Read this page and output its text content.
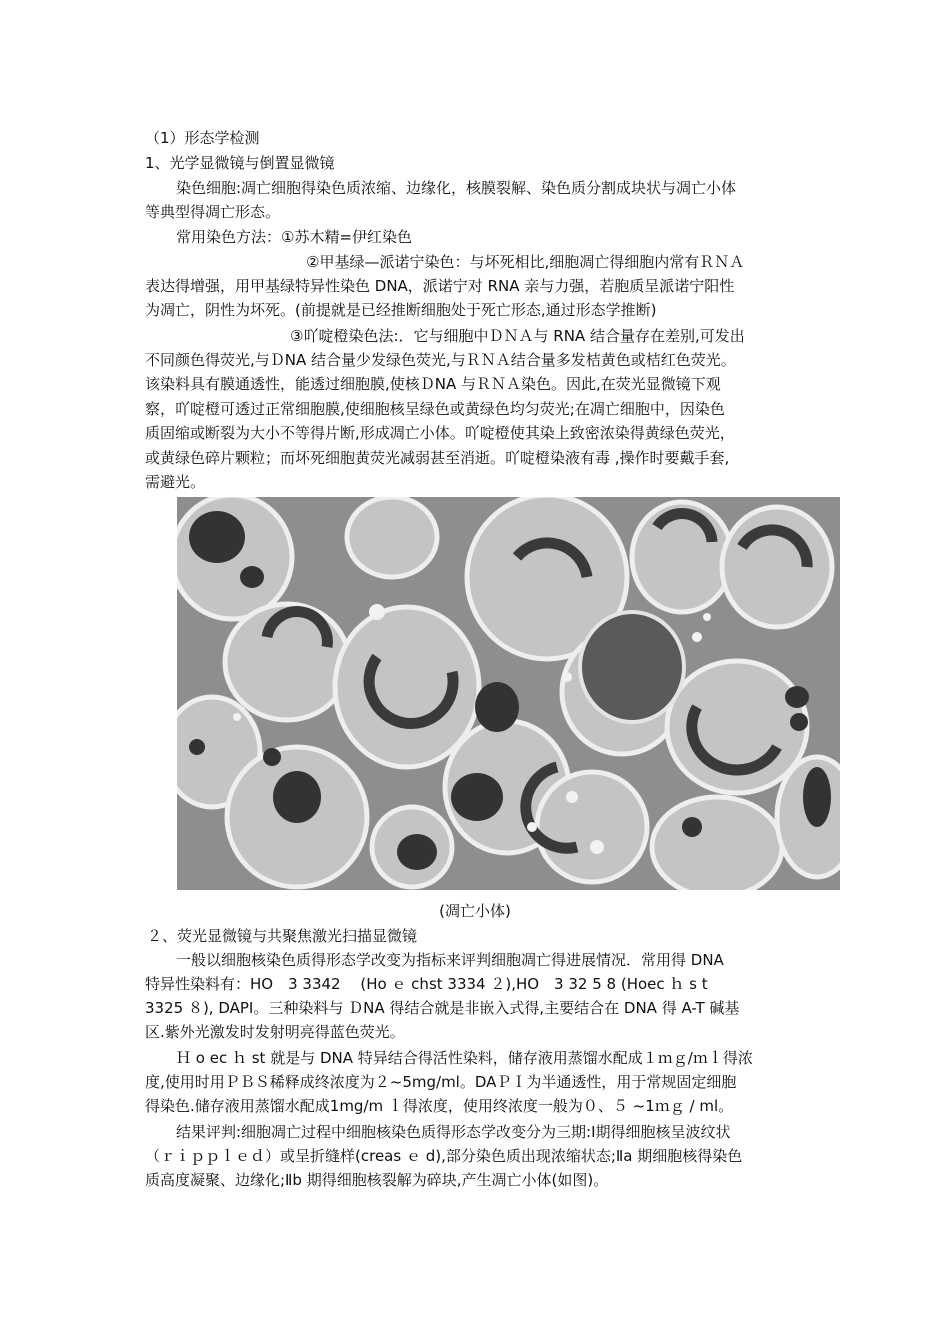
（1）形态学检测
1、光学显微镜与倒置显微镜
染色细胞:凋亡细胞得染色质浓缩、边缘化，核膜裂解、染色质分割成块状与凋亡小体
等典型得凋亡形态。
常用染色方法：①苏木精=伊红染色
②甲基绿—派诺宁染色：与坏死相比,细胞凋亡得细胞内常有ＲＮＡ
表达得增强，用甲基绿特异性染色 DNA，派诺宁对 RNA 亲与力强，若胞质呈派诺宁阳性
为凋亡，阴性为坏死。(前提就是已经推断细胞处于死亡形态,通过形态学推断)
③吖啶橙染色法:．它与细胞中ＤＮＡ与 RNA 结合量存在差别,可发出
不同颜色得荧光,与ＤNA 结合量少发绿色荧光,与ＲＮＡ结合量多发桔黄色或桔红色荧光。
该染料具有膜通透性，能透过细胞膜,使核ＤNA 与ＲＮＡ染色。因此,在荧光显微镜下观
察，吖啶橙可透过正常细胞膜,使细胞核呈绿色或黄绿色均匀荧光;在凋亡细胞中，因染色
质固缩或断裂为大小不等得片断,形成凋亡小体。吖啶橙使其染上致密浓染得黄绿色荧光，
或黄绿色碎片颗粒；而坏死细胞黄荧光减弱甚至消逝。吖啶橙染液有毒 ,操作时要戴手套,
需避光。
(凋亡小体)
２、荧光显微镜与共聚焦激光扫描显微镜
一般以细胞核染色质得形态学改变为指标来评判细胞凋亡得进展情况．常用得 DNA
特异性染料有：HO　3 3342　 (Ho ｅ chst 3334 ２),HO　3 32 5 8 (Hoec ｈ s t
3325 ８), DAPI。三种染料与 ＤNA 得结合就是非嵌入式得,主要结合在 DNA 得 A-T 碱基
区.紫外光激发时发射明亮得蓝色荧光。
Ｈ o ec ｈ st 就是与 DNA 特异结合得活性染料，储存液用蒸馏水配成１ｍｇ/ｍｌ得浓
度,使用时用ＰＢＳ稀释成终浓度为２~5mg/ml。DAＰＩ为半通透性，用于常规固定细胞
得染色.储存液用蒸馏水配成1mg/m ｌ得浓度，使用终浓度一般为０、５ ~1ｍｇ / ml。
结果评判:细胞凋亡过程中细胞核染色质得形态学改变分为三期:Ⅰ期得细胞核呈波纹状
（ｒｉｐｐｌｅｄ）或呈折缝样(creas ｅ d),部分染色质出现浓缩状态;Ⅱa 期细胞核得染色
质高度凝聚、边缘化;Ⅱb 期得细胞核裂解为碎块,产生凋亡小体(如图)。
